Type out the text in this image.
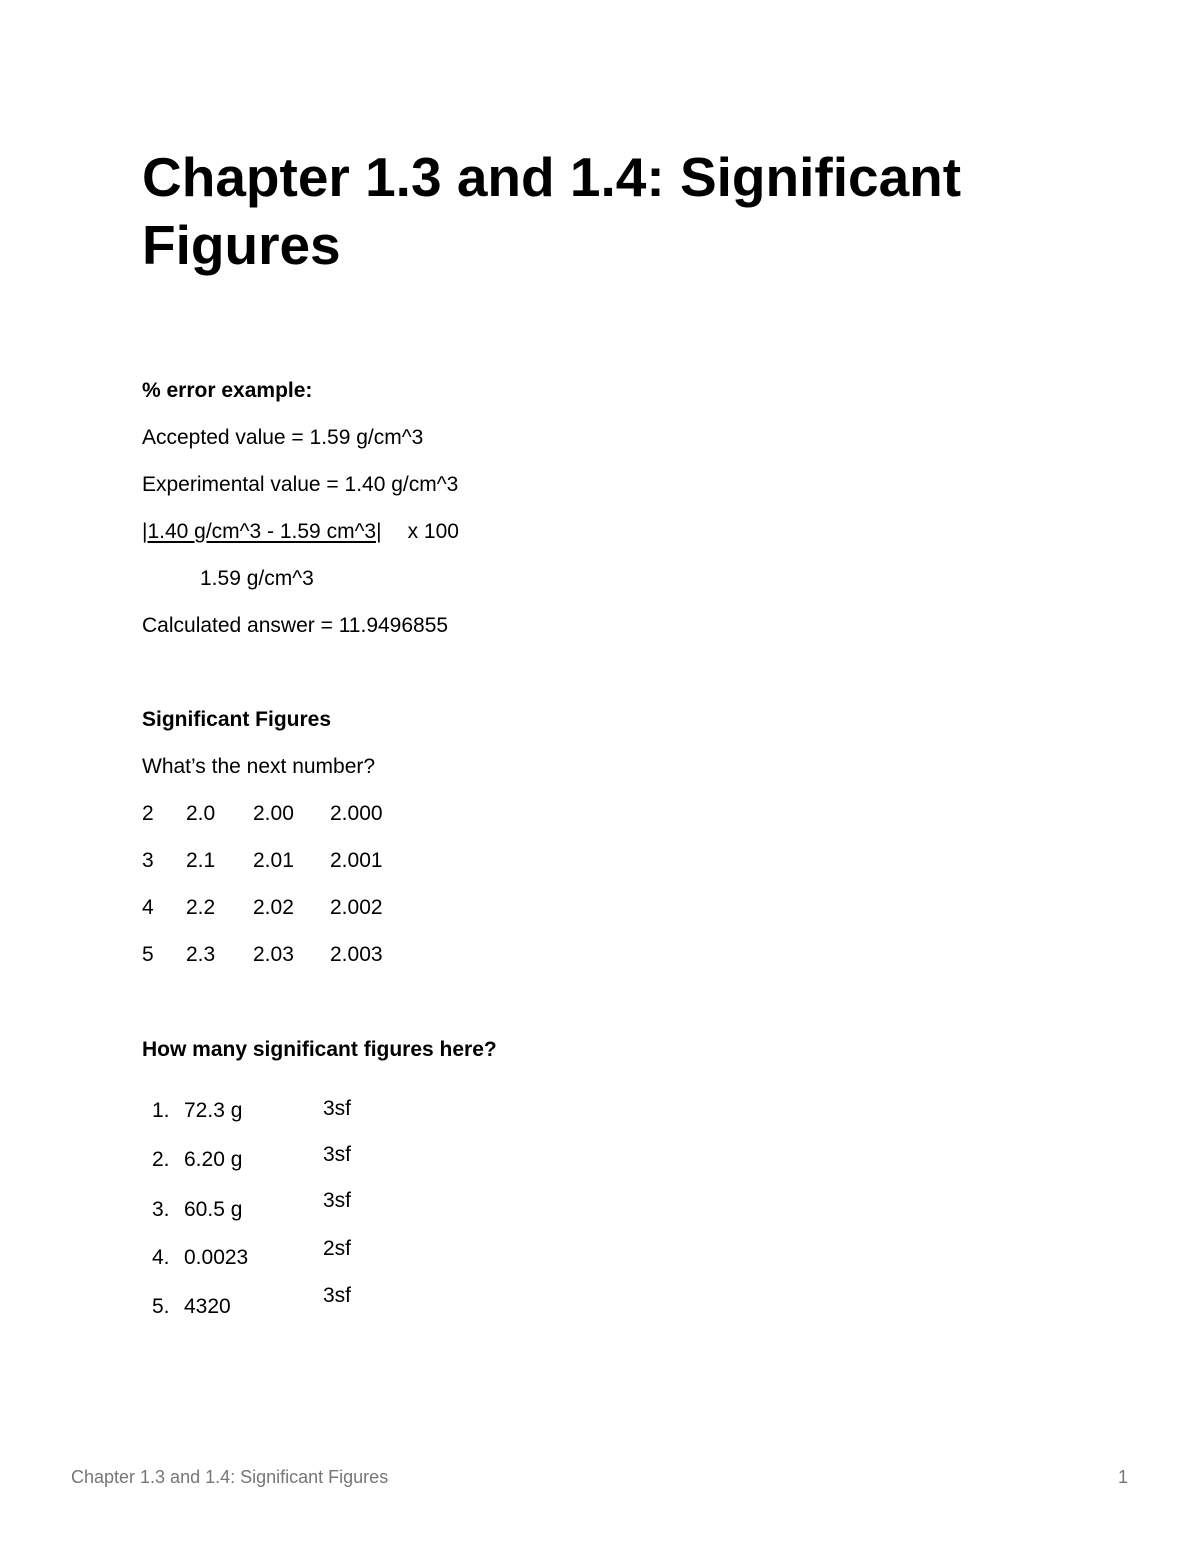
Chapter 1.3 and 1.4: Significant Figures
% error example:
Accepted value = 1.59 g/cm^3
Experimental value = 1.40 g/cm^3
|1.40 g/cm^3 - 1.59 cm^3| x 100
1.59 g/cm^3
Calculated answer = 11.9496855
Significant Figures
What’s the next number?
2 2.0 2.00 2.000
3 2.1 2.01 2.001
4 2.2 2.02 2.002
5 2.3 2.03 2.003
How many significant figures here?
1. 72.3 g	3sf
2. 6.20 g	3sf
3. 60.5 g	3sf
4. 0.0023	2sf
5. 4320	3sf
Chapter 1.3 and 1.4: Significant Figures	1
